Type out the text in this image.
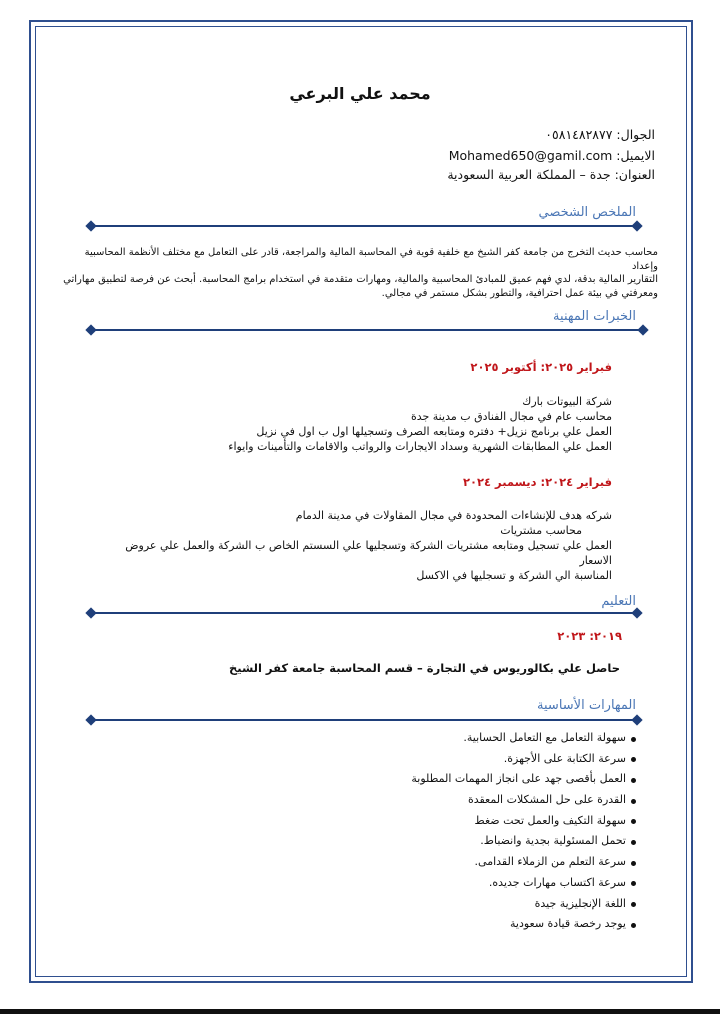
محمد علي البرعي
الجوال: ٠٥٨١٤٨٢٨٧٧
الايميل: Mohamed650@gamil.com
العنوان: جدة – المملكة العربية السعودية
الملخص الشخصي
محاسب حديث التخرج من جامعة كفر الشيخ مع خلفية قوية في المحاسبة المالية والمراجعة، قادر على التعامل مع مختلف الأنظمة المحاسبية وإعداد
التقارير المالية بدقة، لدي فهم عميق للمبادئ المحاسبية والمالية، ومهارات متقدمة في استخدام برامج المحاسبة. أبحث عن فرصة لتطبيق مهاراتي
ومعرفتي في بيئة عمل احترافية، والتطور بشكل مستمر في مجالي.
الخبرات المهنية
فبراير ٢٠٢٥: أكتوبر ٢٠٢٥
شركة البيوتات بارك
محاسب عام في مجال الفنادق ب مدينة جدة
العمل علي برنامج نزيل+ دفتره ومتابعه الصرف وتسجيلها اول ب اول في نزيل
العمل علي المطابقات الشهرية وسداد الايجارات والرواتب والاقامات والتأمينات وايواء
فبراير ٢٠٢٤: ديسمبر ٢٠٢٤
شركه هدف للإنشاءات المحدودة في مجال المقاولات في مدينة الدمام
محاسب مشتريات
العمل علي تسجيل ومتابعه مشتريات الشركة وتسجليها علي السستم الخاص ب الشركة والعمل علي عروض الاسعار
المناسبة الي الشركة و تسجليها في الاكسل
التعليم
٢٠١٩: ٢٠٢٣
حاصل علي بكالوريوس في التجارة – قسم المحاسبة جامعة كفر الشيخ
المهارات الأساسية
سهولة التعامل مع التعامل الحسابية.
سرعة الكتابة على الأجهزة.
العمل بأقصى جهد على انجاز المهمات المطلوبة
القدرة على حل المشكلات المعقدة
سهولة التكيف والعمل تحت ضغط
تحمل المسئولية بجدية وانضباط.
سرعة التعلم من الزملاء القدامى.
سرعة اكتساب مهارات جديده.
اللغة الإنجليزية جيدة
يوجد رخصة قيادة سعودية
